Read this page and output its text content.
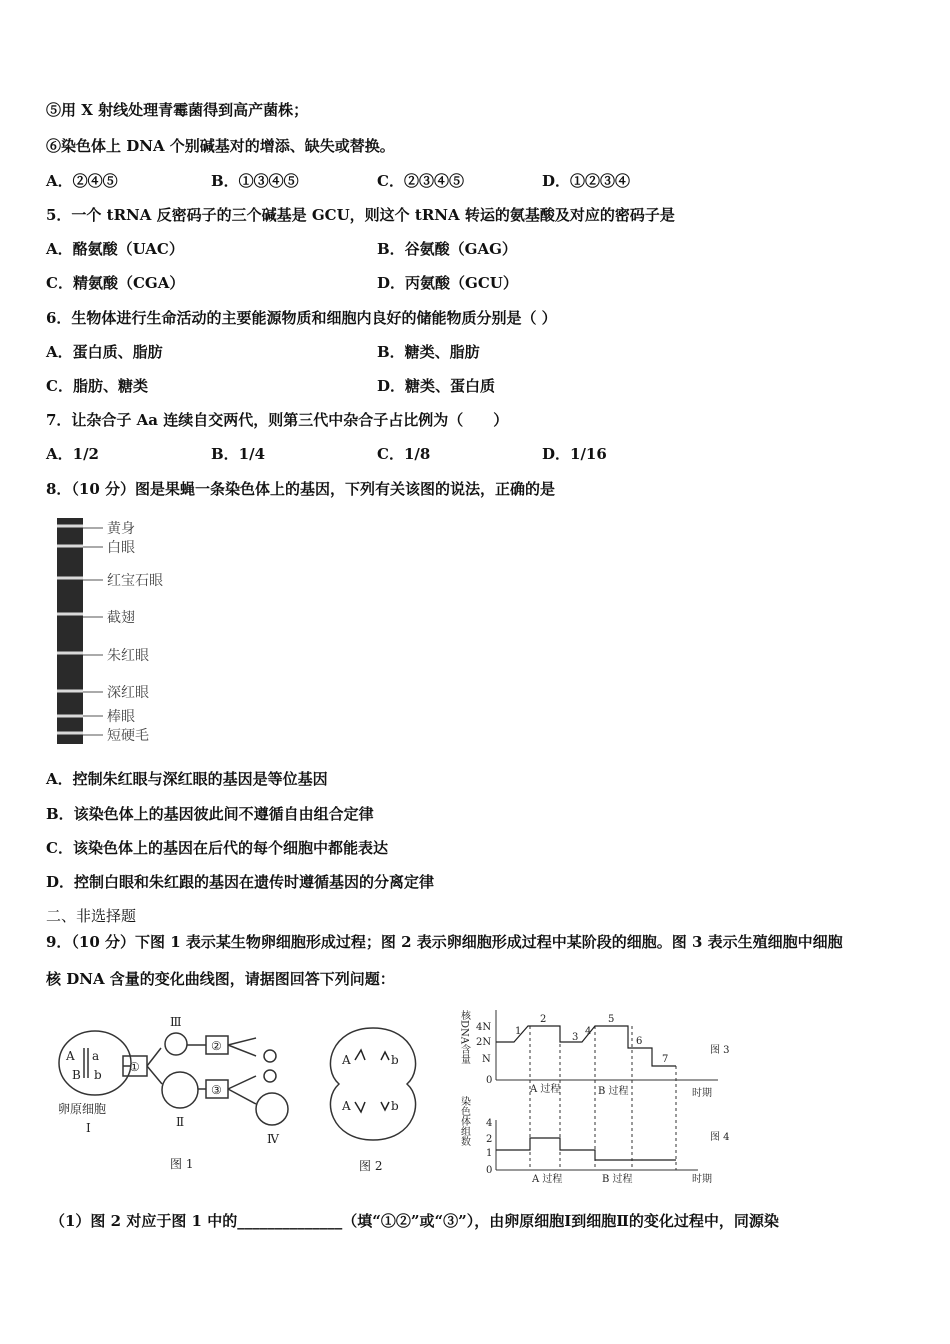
⑤用 X 射线处理青霉菌得到高产菌株；
⑥染色体上 DNA 个别碱基对的增添、缺失或替换。
A．②④⑤	B．①③④⑤	C．②③④⑤	D．①②③④
5．一个 tRNA 反密码子的三个碱基是 GCU，则这个 tRNA 转运的氨基酸及对应的密码子是
A．酪氨酸（UAC）	B．谷氨酸（GAG）
C．精氨酸（CGA）	D．丙氨酸（GCU）
6．生物体进行生命活动的主要能源物质和细胞内良好的储能物质分别是（ ）
A．蛋白质、脂肪	B．糖类、脂肪
C．脂肪、糖类	D．糖类、蛋白质
7．让杂合子 Aa 连续自交两代，则第三代中杂合子占比例为（　　）
A．1/2	B．1/4	C．1/8	D．1/16
8．（10 分）图是果蝇一条染色体上的基因，下列有关该图的说法，正确的是
黄身
白眼
红宝石眼
截翅
朱红眼
深红眼
棒眼
短硬毛
A．控制朱红眼与深红眼的基因是等位基因
B．该染色体上的基因彼此间不遵循自由组合定律
C．该染色体上的基因在后代的每个细胞中都能表达
D．控制白眼和朱红跟的基因在遗传时遵循基因的分离定律
二、非选择题
9．（10 分）下图 1 表示某生物卵细胞形成过程；图 2 表示卵细胞形成过程中某阶段的细胞。图 3 表示生殖细胞中细胞
核 DNA 含量的变化曲线图，请据图回答下列问题：
A a
B b
①
②
③
Ⅲ
Ⅱ
Ⅳ
卵原细胞
Ⅰ
图 1
A	b
A	b
图 2
核DNA含量 4N
2N
N
0
1
2
3
4
5
6
7
A 过程	B 过程	时期
图 3
染色体组数 4
2
1
0
A 过程	B 过程	时期
图 4
（1）图 2 对应于图 1 中的______________（填“①②”或“③”），由卵原细胞Ⅰ到细胞Ⅱ的变化过程中，同源染
